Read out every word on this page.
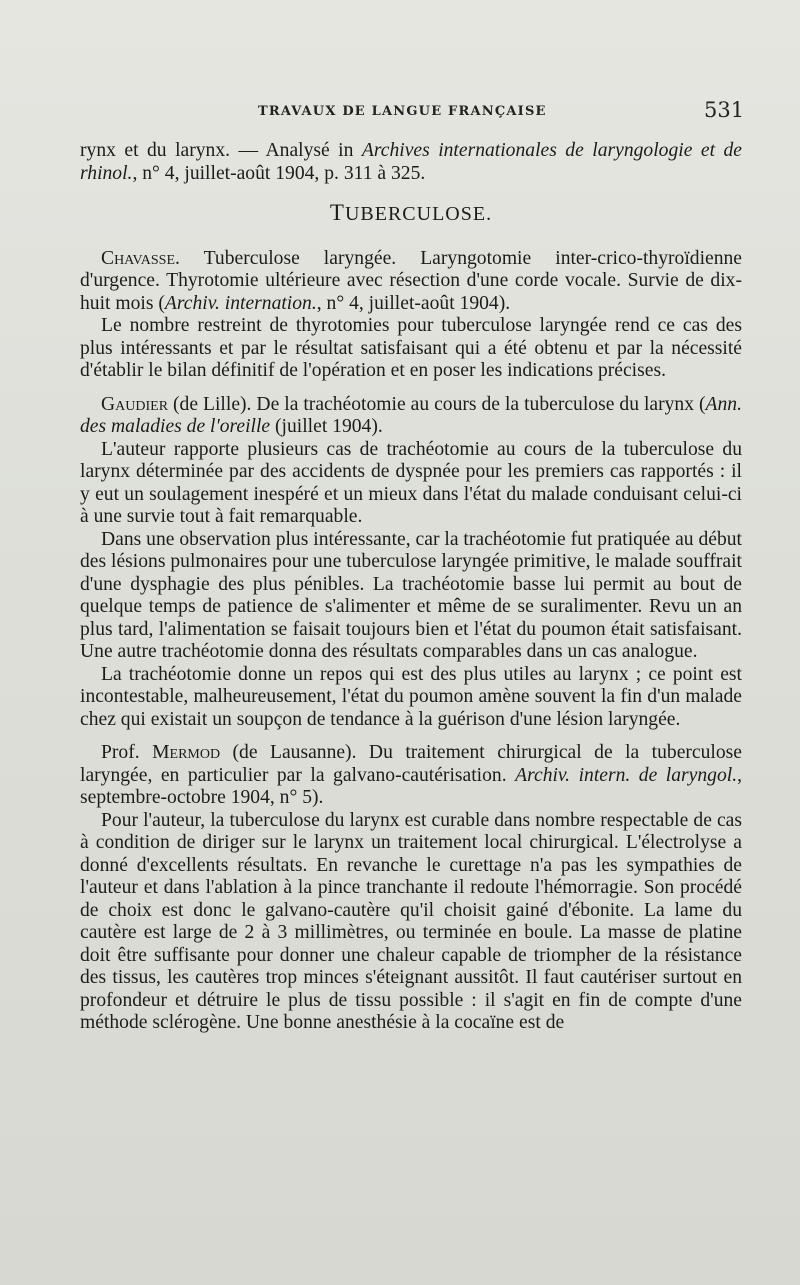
TRAVAUX DE LANGUE FRANÇAISE	531

rynx et du larynx. — Analysé in Archives internationales de laryngologie et de rhinol., n° 4, juillet-août 1904, p. 311 à 325.

TUBERCULOSE.

Chavasse. Tuberculose laryngée. Laryngotomie inter-crico-thyroïdienne d'urgence. Thyrotomie ultérieure avec résection d'une corde vocale. Survie de dix-huit mois (Archiv. internation., n° 4, juillet-août 1904).

Le nombre restreint de thyrotomies pour tuberculose laryngée rend ce cas des plus intéressants et par le résultat satisfaisant qui a été obtenu et par la nécessité d'établir le bilan définitif de l'opération et en poser les indications précises.

Gaudier (de Lille). De la trachéotomie au cours de la tuberculose du larynx (Ann. des maladies de l'oreille (juillet 1904).

L'auteur rapporte plusieurs cas de trachéotomie au cours de la tuberculose du larynx déterminée par des accidents de dyspnée pour les premiers cas rapportés : il y eut un soulagement inespéré et un mieux dans l'état du malade conduisant celui-ci à une survie tout à fait remarquable.

Dans une observation plus intéressante, car la trachéotomie fut pratiquée au début des lésions pulmonaires pour une tuberculose laryngée primitive, le malade souffrait d'une dysphagie des plus pénibles. La trachéotomie basse lui permit au bout de quelque temps de patience de s'alimenter et même de se suralimenter. Revu un an plus tard, l'alimentation se faisait toujours bien et l'état du poumon était satisfaisant. Une autre trachéotomie donna des résultats comparables dans un cas analogue.

La trachéotomie donne un repos qui est des plus utiles au larynx ; ce point est incontestable, malheureusement, l'état du poumon amène souvent la fin d'un malade chez qui existait un soupçon de tendance à la guérison d'une lésion laryngée.

Prof. Mermod (de Lausanne). Du traitement chirurgical de la tuberculose laryngée, en particulier par la galvano-cautérisation. Archiv. intern. de laryngol., septembre-octobre 1904, n° 5).

Pour l'auteur, la tuberculose du larynx est curable dans nombre respectable de cas à condition de diriger sur le larynx un traitement local chirurgical. L'électrolyse a donné d'excellents résultats. En revanche le curettage n'a pas les sympathies de l'auteur et dans l'ablation à la pince tranchante il redoute l'hémorragie. Son procédé de choix est donc le galvano-cautère qu'il choisit gainé d'ébonite. La lame du cautère est large de 2 à 3 millimètres, ou terminée en boule. La masse de platine doit être suffisante pour donner une chaleur capable de triompher de la résistance des tissus, les cautères trop minces s'éteignant aussitôt. Il faut cautériser surtout en profondeur et détruire le plus de tissu possible : il s'agit en fin de compte d'une méthode sclérogène. Une bonne anesthésie à la cocaïne est de
